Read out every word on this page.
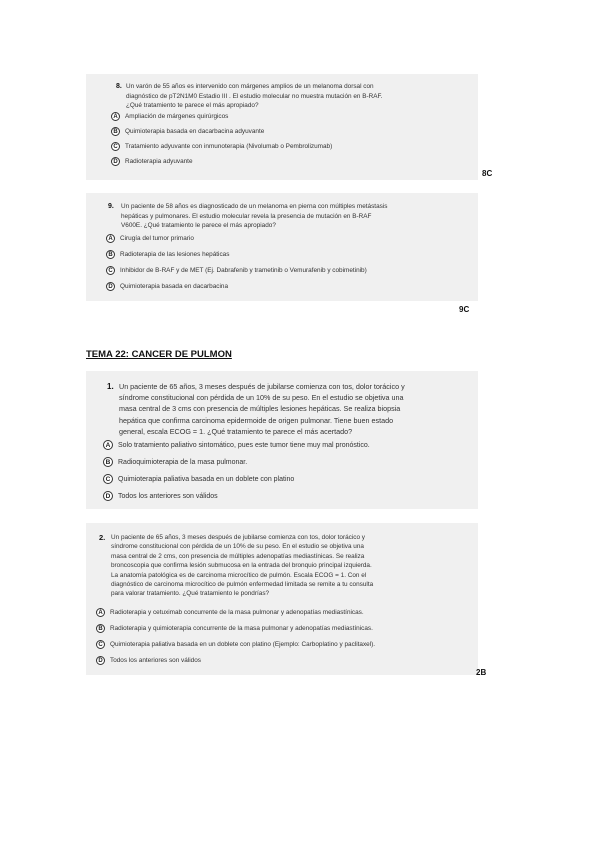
8. Un varón de 55 años es intervenido con márgenes amplios de un melanoma dorsal con
diagnóstico de pT2N1M0 Estadio III . El estudio molecular no muestra mutación en B-RAF.
¿Qué tratamiento te parece el más apropiado?
A	Ampliación de márgenes quirúrgicos
B	Quimioterapia basada en dacarbacina adyuvante
C	Tratamiento adyuvante con inmunoterapia (Nivolumab o Pembrolizumab)
D	Radioterapia adyuvante
8C
9.	Un paciente de 58 años es diagnosticado de un melanoma en pierna con múltiples metástasis
hepáticas y pulmonares. El estudio molecular revela la presencia de mutación en B-RAF
V600E. ¿Qué tratamiento le parece el más apropiado?
A	Cirugía del tumor primario
B	Radioterapia de las lesiones hepáticas
C	Inhibidor de B-RAF y de MET (Ej. Dabrafenib y trametinib o Vemurafenib y cobimetinib)
D	Quimioterapia basada en dacarbacina
9C
TEMA 22: CANCER DE PULMON
1. Un paciente de 65 años, 3 meses después de jubilarse comienza con tos, dolor torácico y
síndrome constitucional con pérdida de un 10% de su peso. En el estudio se objetiva una
masa central de 3 cms con presencia de múltiples lesiones hepáticas. Se realiza biopsia
hepática que confirma carcinoma epidermoide de origen pulmonar. Tiene buen estado
general, escala ECOG = 1. ¿Qué tratamiento te parece el más acertado?
A	Solo tratamiento paliativo sintomático, pues este tumor tiene muy mal pronóstico.
B	Radioquimioterapia de la masa pulmonar.
C	Quimioterapia paliativa basada en un doblete con platino
D	Todos los anteriores son válidos
2. Un paciente de 65 años, 3 meses después de jubilarse comienza con tos, dolor torácico y
síndrome constitucional con pérdida de un 10% de su peso. En el estudio se objetiva una
masa central de 2 cms, con presencia de múltiples adenopatías mediastínicas. Se realiza
broncoscopia que confirma lesión submucosa en la entrada del bronquio principal izquierda.
La anatomía patológica es de carcinoma microcítico de pulmón. Escala ECOG = 1. Con el
diagnóstico de carcinoma microcítico de pulmón enfermedad limitada se remite a tu consulta
para valorar tratamiento. ¿Qué tratamiento le pondrías?
A	Radioterapia y cetuximab concurrente de la masa pulmonar y adenopatías mediastínicas.
B	Radioterapia y quimioterapia concurrente de la masa pulmonar y adenopatías mediastínicas.
C	Quimioterapia paliativa basada en un doblete con platino (Ejemplo: Carboplatino y paclitaxel).
D	Todos los anteriores son válidos
2B
